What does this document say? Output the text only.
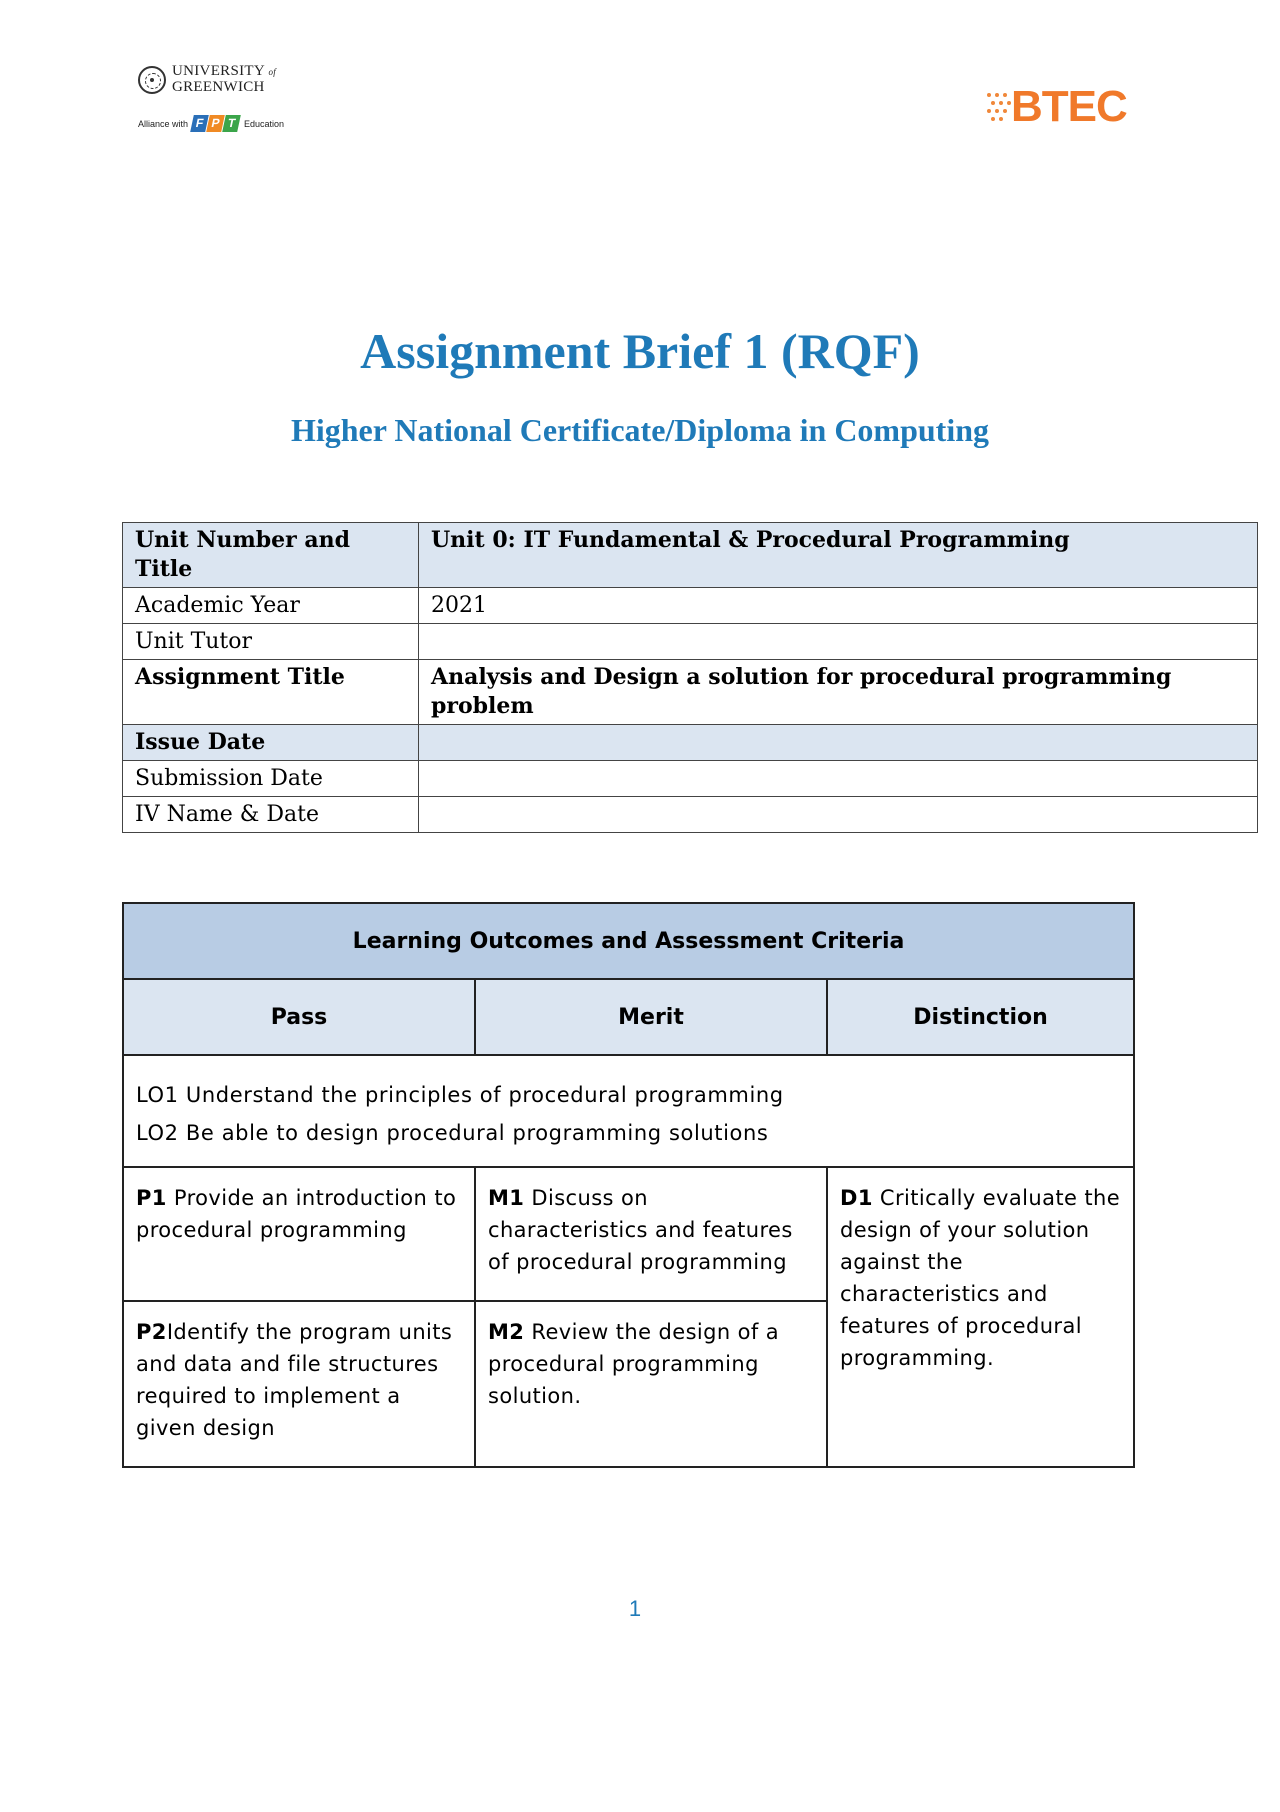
UNIVERSITY of
GREENWICH
Alliance with F P T Education	BTEC
Assignment Brief 1 (RQF)
Higher National Certificate/Diploma in Computing
Unit Number and Title	Unit 0: IT Fundamental & Procedural Programming
Academic Year	2021
Unit Tutor	
Assignment Title	Analysis and Design a solution for procedural programming problem
Issue Date	
Submission Date	
IV Name & Date	
Learning Outcomes and Assessment Criteria		
Pass	Merit	Distinction

LO1 Understand the principles of procedural programming
LO2 Be able to design procedural programming solutions		

P1 Provide an introduction to procedural programming	M1 Discuss on characteristics and features of procedural programming	D1 Critically evaluate the design of your solution against the characteristics and features of procedural programming.
P2Identify the program units and data and file structures required to implement a given design	M2 Review the design of a procedural programming solution.	
1
